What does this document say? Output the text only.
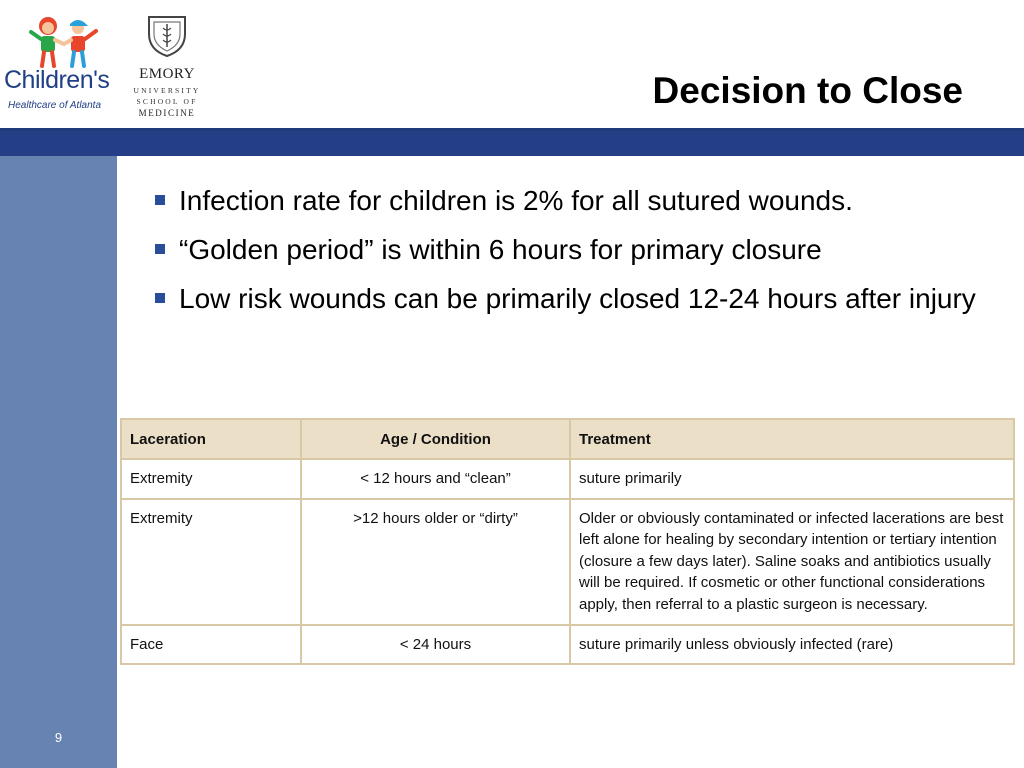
Children's
Healthcare of Atlanta
EMORY
UNIVERSITY
SCHOOL OF
MEDICINE
Decision to Close
9
Infection rate for children is 2% for all sutured wounds.
“Golden period” is within 6 hours for primary closure
Low risk wounds can be primarily closed 12-24 hours after injury
Laceration	Age / Condition	Treatment
Extremity	< 12 hours and “clean”	suture primarily
Extremity	>12 hours older or “dirty”	Older or obviously contaminated or infected lacerations are best left alone for healing by secondary intention or tertiary intention (closure a few days later). Saline soaks and antibiotics usually will be required. If cosmetic or other functional considerations apply, then referral to a plastic surgeon is necessary.
Face	< 24 hours	suture primarily unless obviously infected (rare)
